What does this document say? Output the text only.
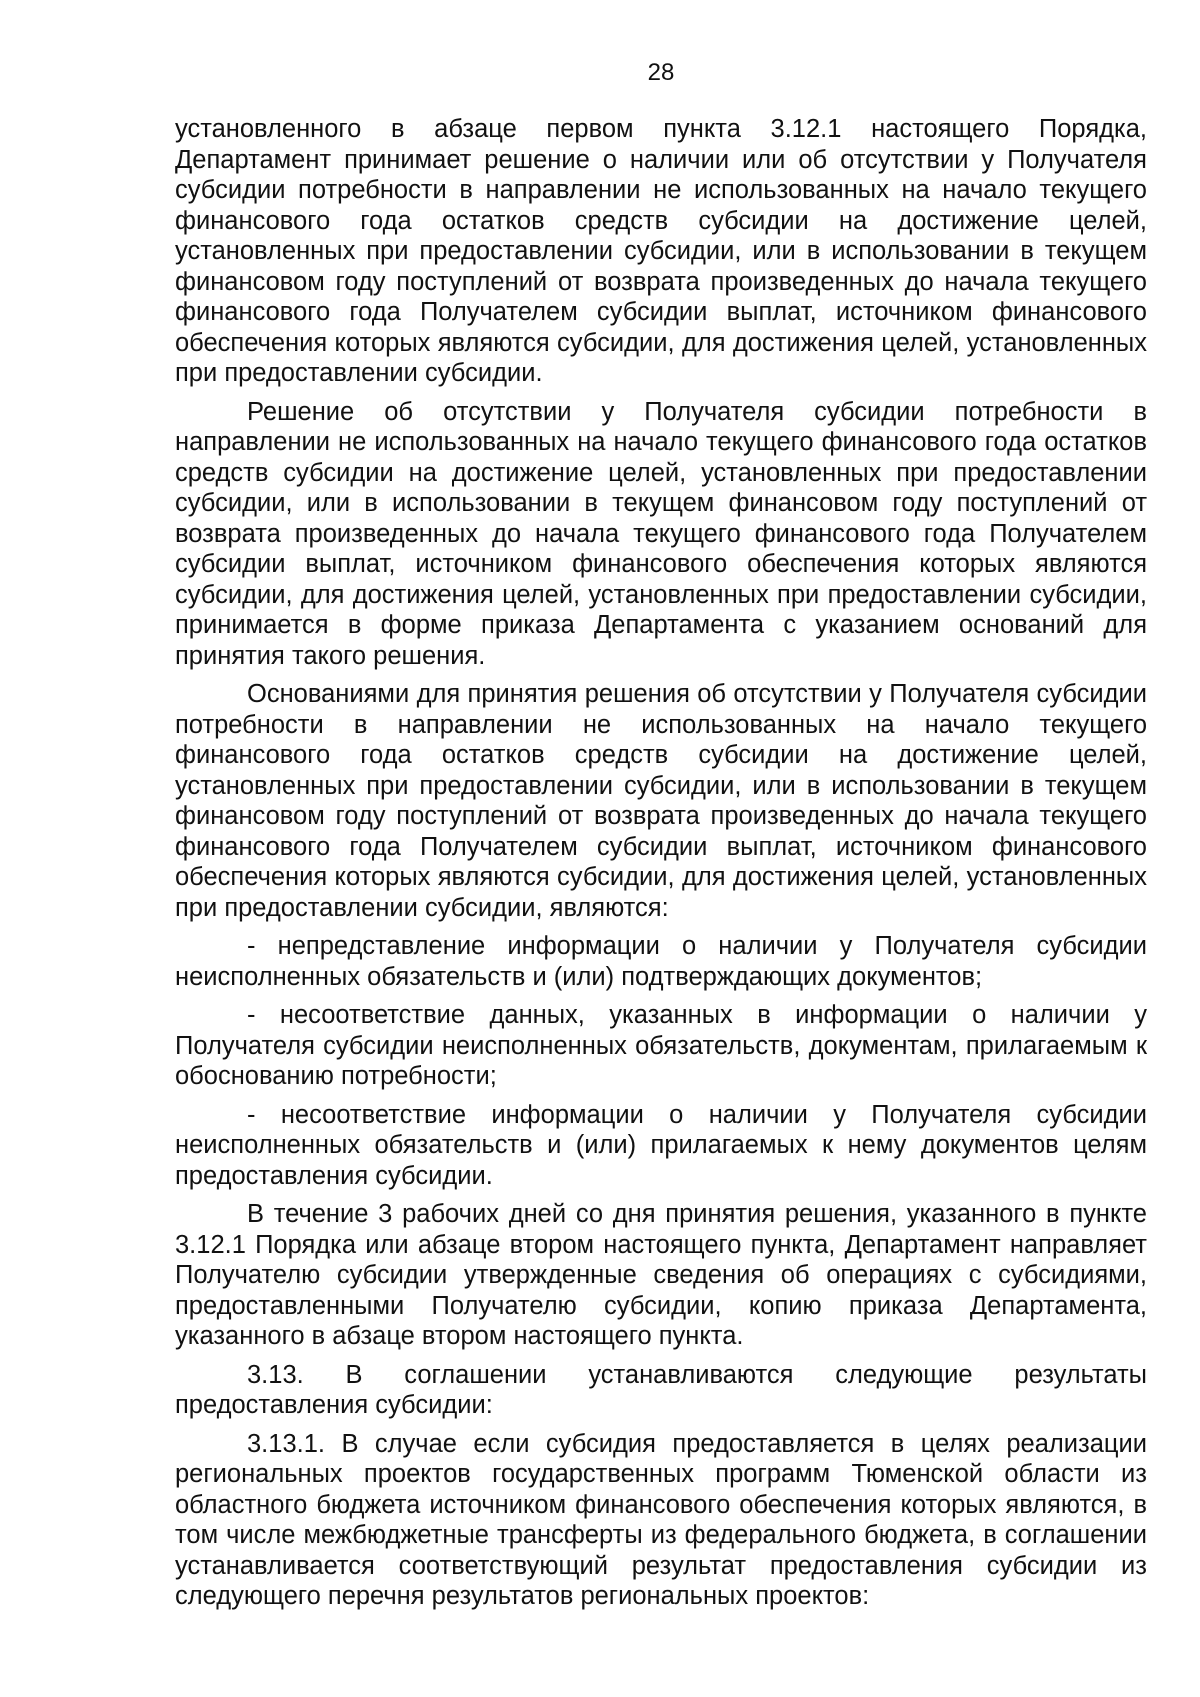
28

установленного в абзаце первом пункта 3.12.1 настоящего Порядка, Департамент принимает решение о наличии или об отсутствии у Получателя субсидии потребности в направлении не использованных на начало текущего финансового года остатков средств субсидии на достижение целей, установленных при предоставлении субсидии, или в использовании в текущем финансовом году поступлений от возврата произведенных до начала текущего финансового года Получателем субсидии выплат, источником финансового обеспечения которых являются субсидии, для достижения целей, установленных при предоставлении субсидии.

Решение об отсутствии у Получателя субсидии потребности в направлении не использованных на начало текущего финансового года остатков средств субсидии на достижение целей, установленных при предоставлении субсидии, или в использовании в текущем финансовом году поступлений от возврата произведенных до начала текущего финансового года Получателем субсидии выплат, источником финансового обеспечения которых являются субсидии, для достижения целей, установленных при предоставлении субсидии, принимается в форме приказа Департамента с указанием оснований для принятия такого решения.

Основаниями для принятия решения об отсутствии у Получателя субсидии потребности в направлении не использованных на начало текущего финансового года остатков средств субсидии на достижение целей, установленных при предоставлении субсидии, или в использовании в текущем финансовом году поступлений от возврата произведенных до начала текущего финансового года Получателем субсидии выплат, источником финансового обеспечения которых являются субсидии, для достижения целей, установленных при предоставлении субсидии, являются:

- непредставление информации о наличии у Получателя субсидии неисполненных обязательств и (или) подтверждающих документов;

- несоответствие данных, указанных в информации о наличии у Получателя субсидии неисполненных обязательств, документам, прилагаемым к обоснованию потребности;

- несоответствие информации о наличии у Получателя субсидии неисполненных обязательств и (или) прилагаемых к нему документов целям предоставления субсидии.

В течение 3 рабочих дней со дня принятия решения, указанного в пункте 3.12.1 Порядка или абзаце втором настоящего пункта, Департамент направляет Получателю субсидии утвержденные сведения об операциях с субсидиями, предоставленными Получателю субсидии, копию приказа Департамента, указанного в абзаце втором настоящего пункта.

3.13. В соглашении устанавливаются следующие результаты предоставления субсидии:

3.13.1. В случае если субсидия предоставляется в целях реализации региональных проектов государственных программ Тюменской области из областного бюджета источником финансового обеспечения которых являются, в том числе межбюджетные трансферты из федерального бюджета, в соглашении устанавливается соответствующий результат предоставления субсидии из следующего перечня результатов региональных проектов:
